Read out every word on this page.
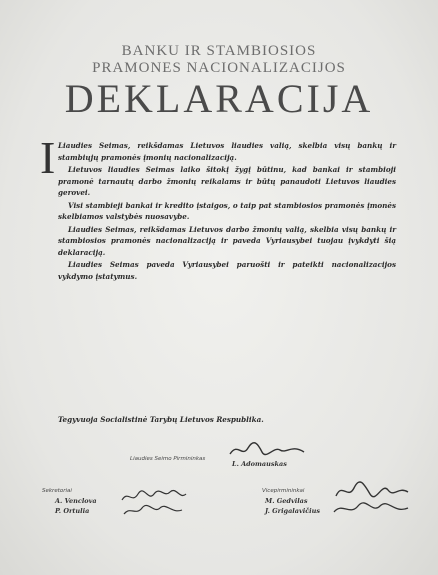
BANKU IR STAMBIOSIOS
PRAMONES NACIONALIZACIJOS
DEKLARACIJA
I Liaudies Seimas, reikšdamas Lietuvos liaudies valią, skelbia visų bankų ir stambiųjų pramonės įmonių nacionalizaciją.

Lietuvos liaudies Seimas laiko šitokį žygį būtinu, kad bankai ir stambioji pramonė tarnautų darbo žmonių reikalams ir būtų panaudoti Lietuvos liaudies gerovei.

Visi stambieji bankai ir kredito įstaigos, o taip pat stambiosios pramonės įmonės skelbiamos valstybės nuosavybe.

Liaudies Seimas, reikšdamas Lietuvos darbo žmonių valią, skelbia visų bankų ir stambiosios pramonės nacionalizaciją ir paveda Vyriausybei tuojau įvykdyti šią deklaraciją.

Liaudies Seimas paveda Vyriausybei paruošti ir pateikti nacionalizacijos vykdymo įstatymus.

Tegyvuoja Socialistinė Tarybų Lietuvos Respublika.
Liaudies Seimo Pirmininkas
L. Adomauskas
Sekretoriai
A. Venclova
P. Ortulia
Vicepirmininkai
M. Gedvilas
J. Grigalavičius
